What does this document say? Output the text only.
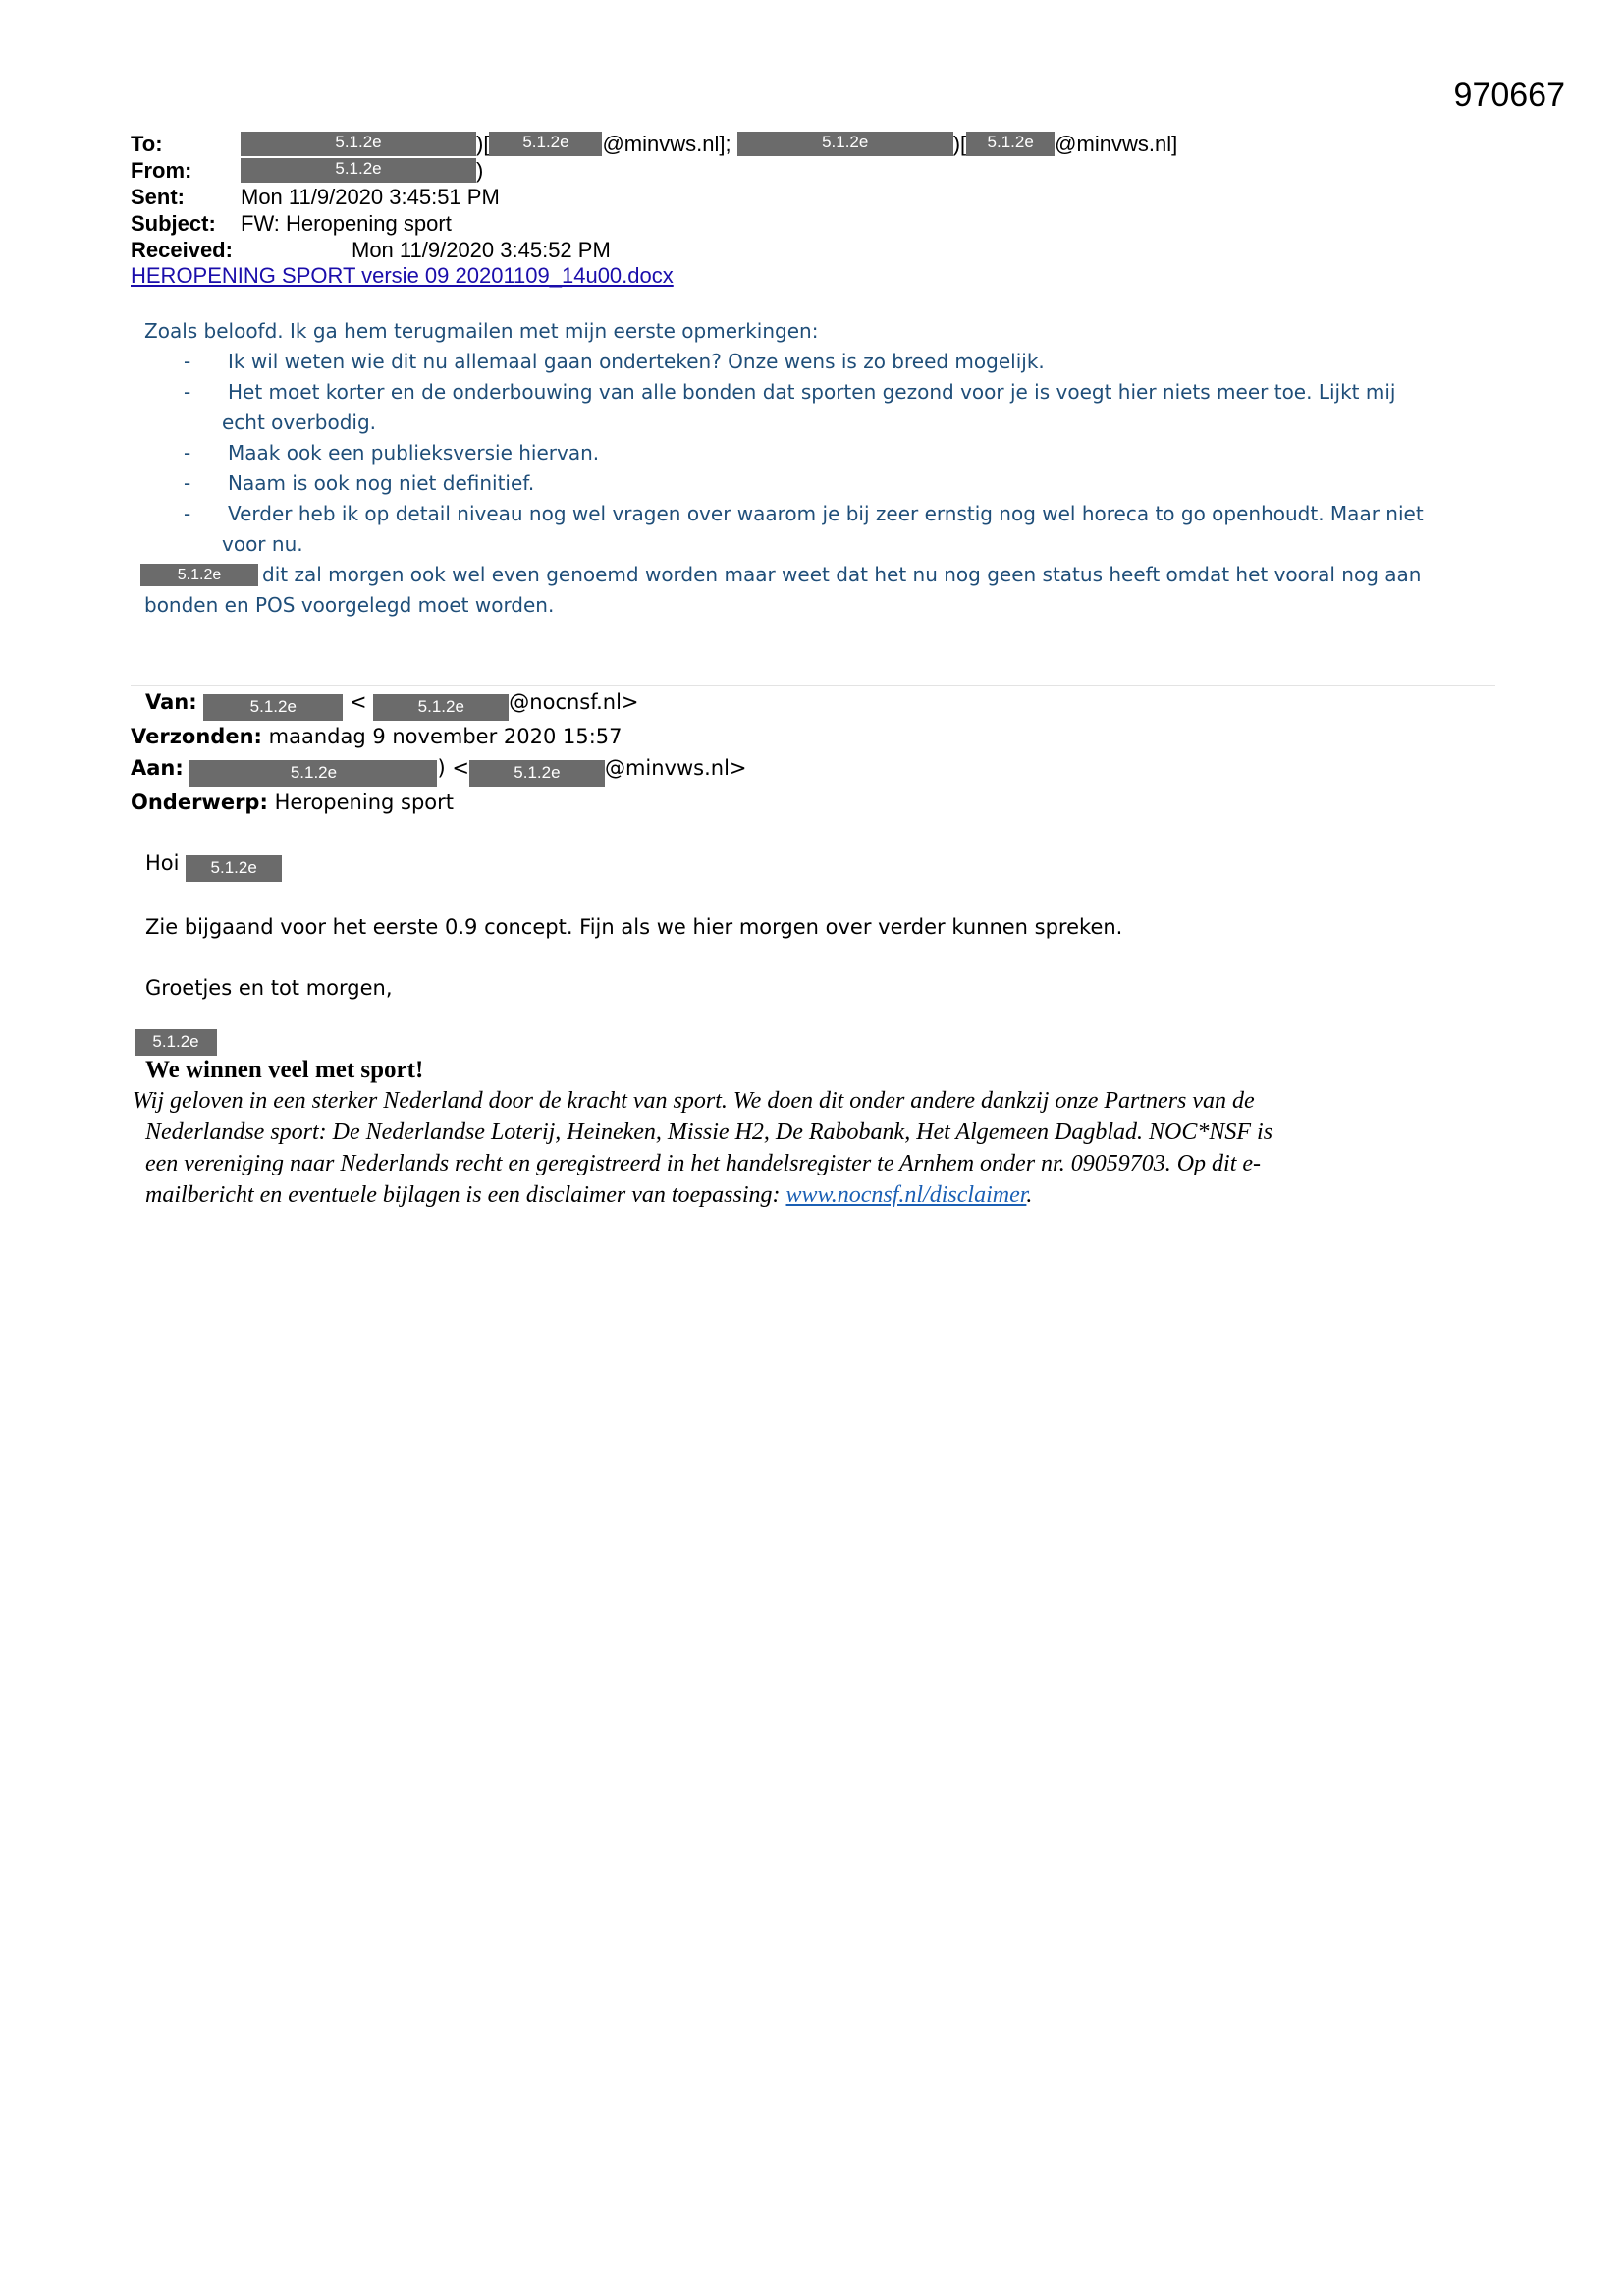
970667
To:	5.1.2e	)[ 5.1.2e @minvws.nl];	5.1.2e	)[ 5.1.2e @minvws.nl]
From:	5.1.2e	)
Sent:	Mon 11/9/2020 3:45:51 PM
Subject: FW: Heropening sport
Received:	Mon 11/9/2020 3:45:52 PM
HEROPENING SPORT versie 09 20201109_14u00.docx
Zoals beloofd. Ik ga hem terugmailen met mijn eerste opmerkingen:
- Ik wil weten wie dit nu allemaal gaan onderteken? Onze wens is zo breed mogelijk.
- Het moet korter en de onderbouwing van alle bonden dat sporten gezond voor je is voegt hier niets meer toe. Lijkt mij
echt overbodig.
- Maak ook een publieksversie hiervan.
- Naam is ook nog niet definitief.
- Verder heb ik op detail niveau nog wel vragen over waarom je bij zeer ernstig nog wel horeca to go openhoudt. Maar niet
voor nu.
5.1.2e dit zal morgen ook wel even genoemd worden maar weet dat het nu nog geen status heeft omdat het vooral nog aan
bonden en POS voorgelegd moet worden.
Van:	5.1.2e	<	5.1.2e @nocnsf.nl>
Verzonden: maandag 9 november 2020 15:57
Aan:	5.1.2e	) <	5.1.2e @minvws.nl>
Onderwerp: Heropening sport

Hoi 5.1.2e

Zie bijgaand voor het eerste 0.9 concept. Fijn als we hier morgen over verder kunnen spreken.

Groetjes en tot morgen,

5.1.2e
We winnen veel met sport!
Wij geloven in een sterker Nederland door de kracht van sport. We doen dit onder andere dankzij onze Partners van de
Nederlandse sport: De Nederlandse Loterij, Heineken, Missie H2, De Rabobank, Het Algemeen Dagblad. NOC*NSF is
een vereniging naar Nederlands recht en geregistreerd in het handelsregister te Arnhem onder nr. 09059703. Op dit e-
mailbericht en eventuele bijlagen is een disclaimer van toepassing: www.nocnsf.nl/disclaimer.
